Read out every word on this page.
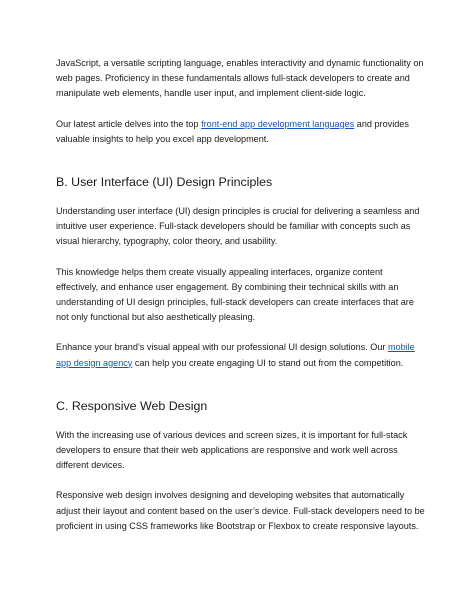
JavaScript, a versatile scripting language, enables interactivity and dynamic functionality on web pages. Proficiency in these fundamentals allows full-stack developers to create and manipulate web elements, handle user input, and implement client-side logic.

Our latest article delves into the top front-end app development languages and provides valuable insights to help you excel app development.

B. User Interface (UI) Design Principles

Understanding user interface (UI) design principles is crucial for delivering a seamless and intuitive user experience. Full-stack developers should be familiar with concepts such as visual hierarchy, typography, color theory, and usability.

This knowledge helps them create visually appealing interfaces, organize content effectively, and enhance user engagement. By combining their technical skills with an understanding of UI design principles, full-stack developers can create interfaces that are not only functional but also aesthetically pleasing.

Enhance your brand’s visual appeal with our professional UI design solutions. Our mobile app design agency can help you create engaging UI to stand out from the competition.

C. Responsive Web Design

With the increasing use of various devices and screen sizes, it is important for full-stack developers to ensure that their web applications are responsive and work well across different devices.

Responsive web design involves designing and developing websites that automatically adjust their layout and content based on the user’s device. Full-stack developers need to be proficient in using CSS frameworks like Bootstrap or Flexbox to create responsive layouts.
